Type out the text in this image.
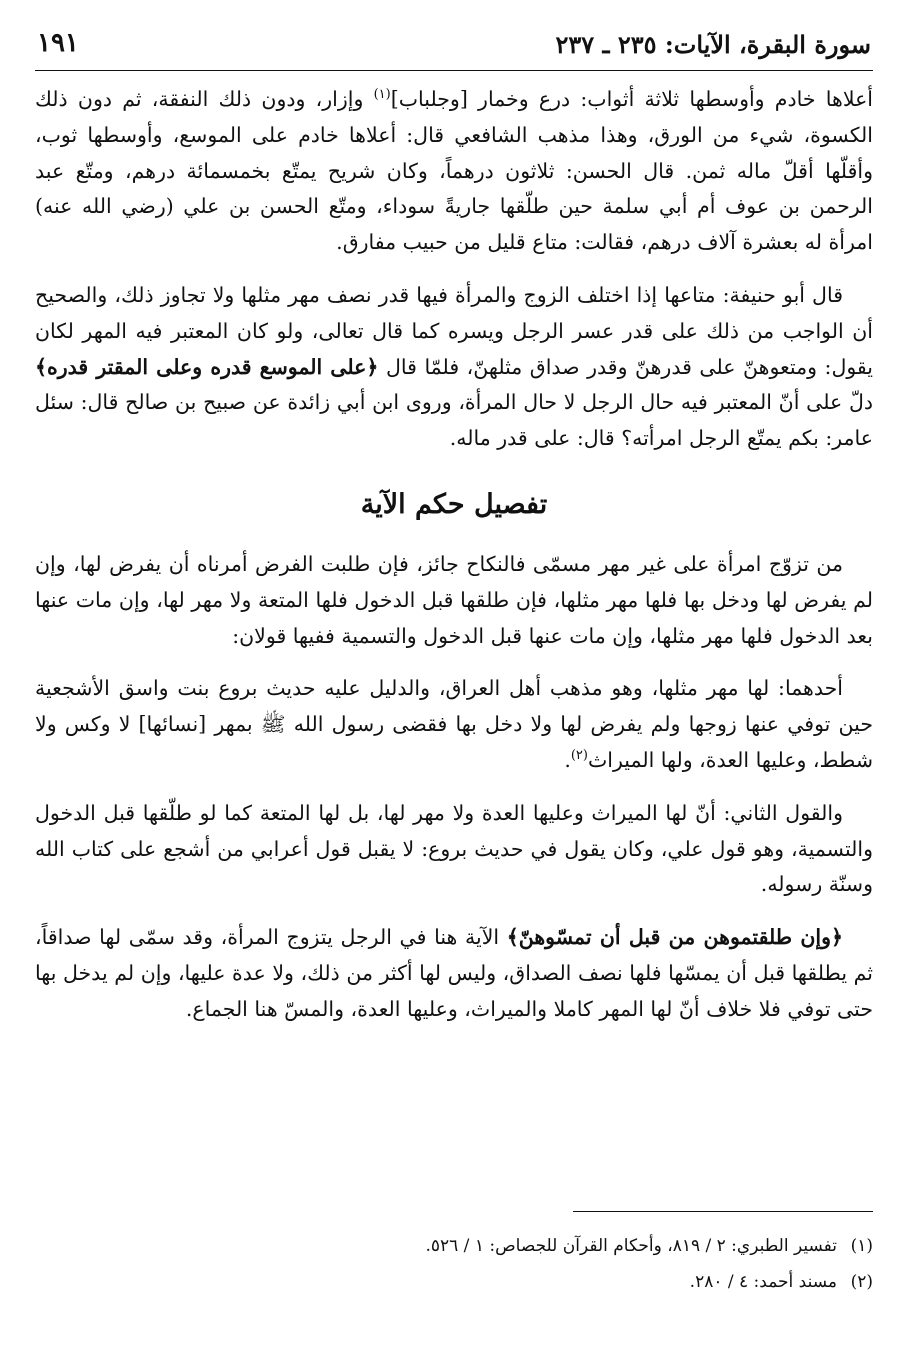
١٩١	سورة البقرة، الآيات: ٢٣٥ ـ ٢٣٧

أعلاها خادم وأوسطها ثلاثة أثواب: درع وخمار [وجلباب]$^{(١)}$ وإزار، ودون ذلك النفقة، ثم دون ذلك الكسوة، شيء من الورق، وهذا مذهب الشافعي قال: أعلاها خادم على الموسع، وأوسطها ثوب، وأقلّها أقلّ ماله ثمن. قال الحسن: ثلاثون درهماً، وكان شريح يمتّع بخمسمائة درهم، ومتّع عبد الرحمن بن عوف أم أبي سلمة حين طلّقها جاريةً سوداء، ومتّع الحسن بن علي (رضي الله عنه) امرأة له بعشرة آلاف درهم، فقالت: متاع قليل من حبيب مفارق.

قال أبو حنيفة: متاعها إذا اختلف الزوج والمرأة فيها قدر نصف مهر مثلها ولا تجاوز ذلك، والصحيح أن الواجب من ذلك على قدر عسر الرجل ويسره كما قال تعالى، ولو كان المعتبر فيه المهر لكان يقول: ومتعوهنّ على قدرهنّ وقدر صداق مثلهنّ، فلمّا قال ﴿على الموسع قدره وعلى المقتر قدره﴾ دلّ على أنّ المعتبر فيه حال الرجل لا حال المرأة، وروى ابن أبي زائدة عن صبيح بن صالح قال: سئل عامر: بكم يمتّع الرجل امرأته؟ قال: على قدر ماله.

تفصيل حكم الآية

من تزوّج امرأة على غير مهر مسمّى فالنكاح جائز، فإن طلبت الفرض أمرناه أن يفرض لها، وإن لم يفرض لها ودخل بها فلها مهر مثلها، فإن طلقها قبل الدخول فلها المتعة ولا مهر لها، وإن مات عنها بعد الدخول فلها مهر مثلها، وإن مات عنها قبل الدخول والتسمية ففيها قولان:

أحدهما: لها مهر مثلها، وهو مذهب أهل العراق، والدليل عليه حديث بروع بنت واسق الأشجعية حين توفي عنها زوجها ولم يفرض لها ولا دخل بها فقضى رسول الله ﷺ بمهر [نسائها] لا وكس ولا شطط، وعليها العدة، ولها الميراث$^{(٢)}$.

والقول الثاني: أنّ لها الميراث وعليها العدة ولا مهر لها، بل لها المتعة كما لو طلّقها قبل الدخول والتسمية، وهو قول علي، وكان يقول في حديث بروع: لا يقبل قول أعرابي من أشجع على كتاب الله وسنّة رسوله.

﴿وإن طلقتموهن من قبل أن تمسّوهنّ﴾ الآية هنا في الرجل يتزوج المرأة، وقد سمّى لها صداقاً، ثم يطلقها قبل أن يمسّها فلها نصف الصداق، وليس لها أكثر من ذلك، ولا عدة عليها، وإن لم يدخل بها حتى توفي فلا خلاف أنّ لها المهر كاملا والميراث، وعليها العدة، والمسّ هنا الجماع.

(١)
تفسير الطبري: ٢ / ٨١٩، وأحكام القرآن للجصاص: ١ / ٥٢٦.
(٢)
مسند أحمد: ٤ / ٢٨٠.
